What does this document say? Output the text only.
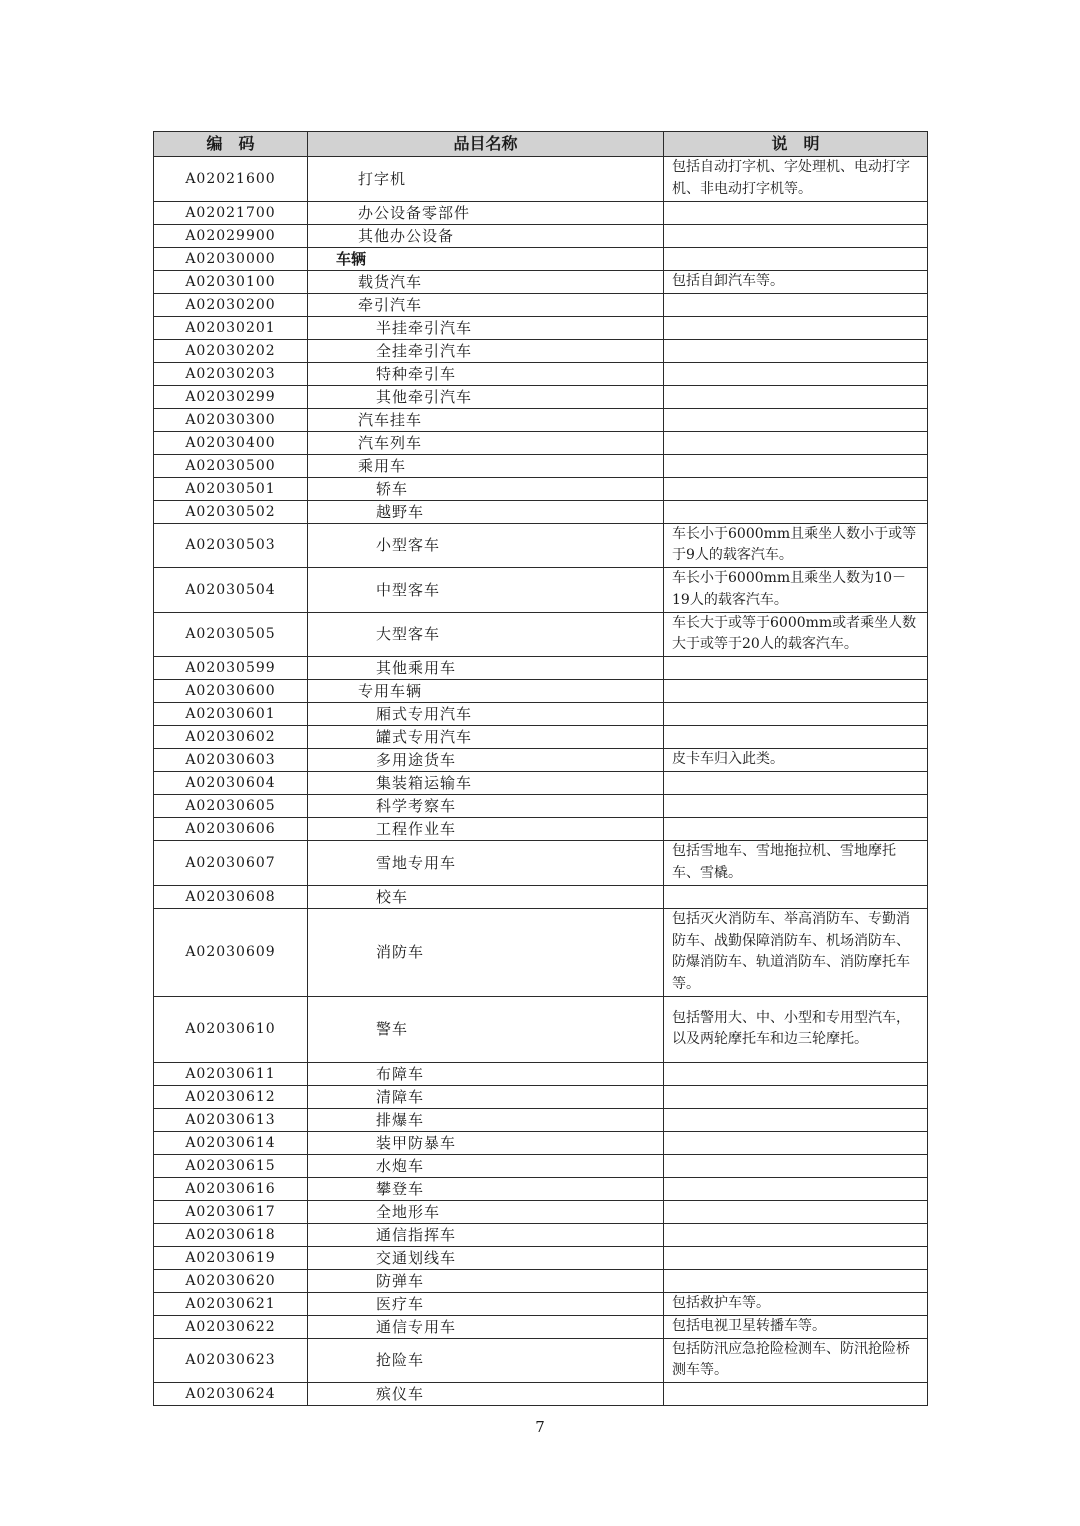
编　码	品目名称	说　明
A02021600	打字机	包括自动打字机、字处理机、电动打字机、非电动打字机等。
A02021700	办公设备零部件	
A02029900	其他办公设备	
A02030000	车辆	
A02030100	载货汽车	包括自卸汽车等。
A02030200	牵引汽车	
A02030201	半挂牵引汽车	
A02030202	全挂牵引汽车	
A02030203	特种牵引车	
A02030299	其他牵引汽车	
A02030300	汽车挂车	
A02030400	汽车列车	
A02030500	乘用车	
A02030501	轿车	
A02030502	越野车	
A02030503	小型客车	车长小于6000mm且乘坐人数小于或等于9人的载客汽车。
A02030504	中型客车	车长小于6000mm且乘坐人数为10－19人的载客汽车。
A02030505	大型客车	车长大于或等于6000mm或者乘坐人数大于或等于20人的载客汽车。
A02030599	其他乘用车	
A02030600	专用车辆	
A02030601	厢式专用汽车	
A02030602	罐式专用汽车	
A02030603	多用途货车	皮卡车归入此类。
A02030604	集装箱运输车	
A02030605	科学考察车	
A02030606	工程作业车	
A02030607	雪地专用车	包括雪地车、雪地拖拉机、雪地摩托车、雪橇。
A02030608	校车	
A02030609	消防车	包括灭火消防车、举高消防车、专勤消防车、战勤保障消防车、机场消防车、防爆消防车、轨道消防车、消防摩托车等。
A02030610	警车	包括警用大、中、小型和专用型汽车，以及两轮摩托车和边三轮摩托。
A02030611	布障车	
A02030612	清障车	
A02030613	排爆车	
A02030614	装甲防暴车	
A02030615	水炮车	
A02030616	攀登车	
A02030617	全地形车	
A02030618	通信指挥车	
A02030619	交通划线车	
A02030620	防弹车	
A02030621	医疗车	包括救护车等。
A02030622	通信专用车	包括电视卫星转播车等。
A02030623	抢险车	包括防汛应急抢险检测车、防汛抢险桥测车等。
A02030624	殡仪车	
7
